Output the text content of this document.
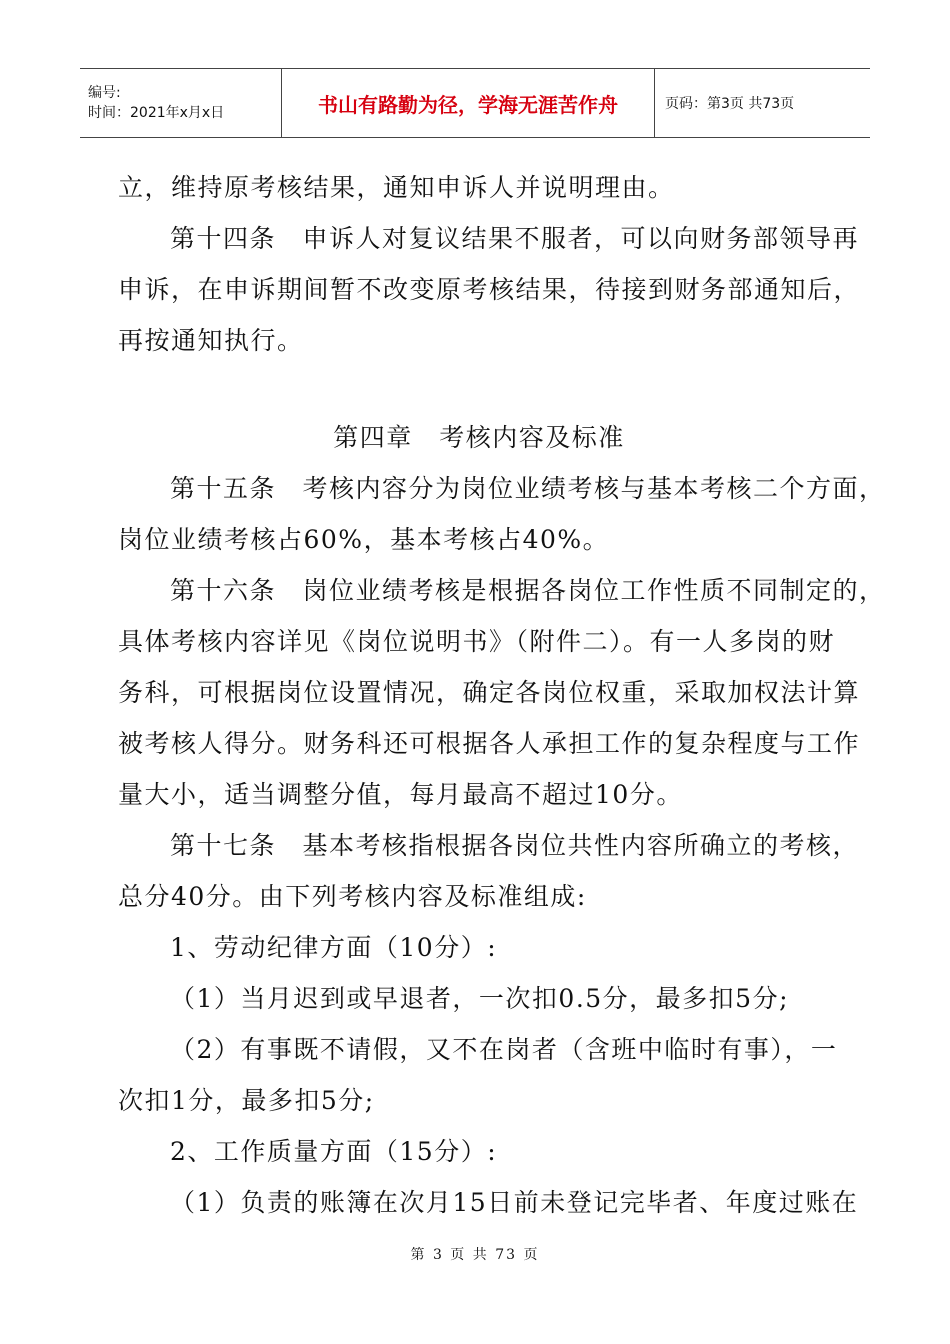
编号:
时间：2021年x月x日	书山有路勤为径，学海无涯苦作舟	页码：第3页 共73页
立，维持原考核结果，通知申诉人并说明理由。
第十四条　申诉人对复议结果不服者，可以向财务部领导再
申诉，在申诉期间暂不改变原考核结果，待接到财务部通知后，
再按通知执行。
第四章　考核内容及标准
第十五条　考核内容分为岗位业绩考核与基本考核二个方面，
岗位业绩考核占60%，基本考核占40%。
第十六条　岗位业绩考核是根据各岗位工作性质不同制定的，
具体考核内容详见《岗位说明书》（附件二）。有一人多岗的财
务科，可根据岗位设置情况，确定各岗位权重，采取加权法计算
被考核人得分。财务科还可根据各人承担工作的复杂程度与工作
量大小，适当调整分值，每月最高不超过10分。
第十七条　基本考核指根据各岗位共性内容所确立的考核，
总分40分。由下列考核内容及标准组成:
1、劳动纪律方面（10分）:
（1）当月迟到或早退者，一次扣0.5分，最多扣5分;
（2）有事既不请假，又不在岗者（含班中临时有事），一
次扣1分，最多扣5分;
2、工作质量方面（15分）:
（1）负责的账簿在次月15日前未登记完毕者、年度过账在
第 3 页 共 73 页
